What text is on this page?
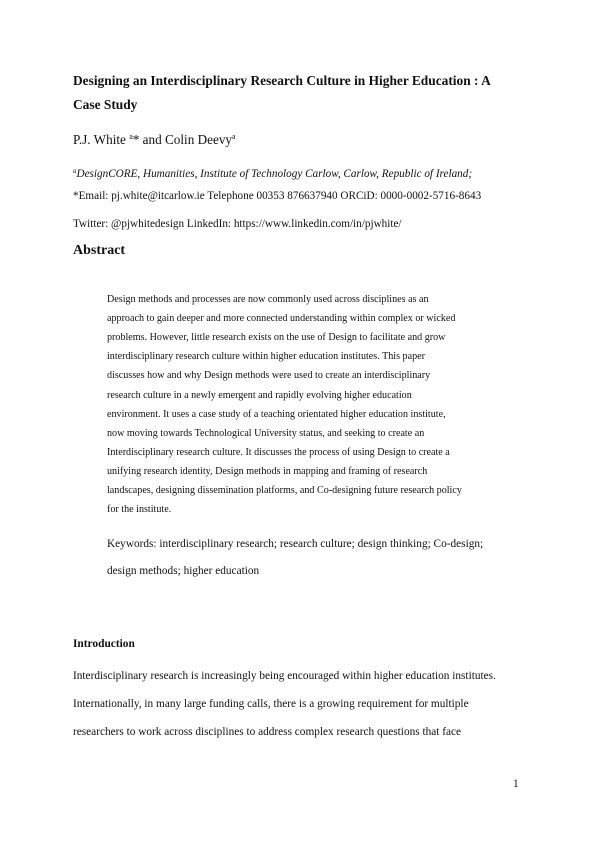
Designing an Interdisciplinary Research Culture in Higher Education : A
Case Study
P.J. White $^a$* and Colin Deevy$^a$
$^a$DesignCORE, Humanities, Institute of Technology Carlow, Carlow, Republic of Ireland;
*Email: pj.white@itcarlow.ie Telephone 00353 876637940 ORCiD: 0000-0002-5716-8643
Twitter: @pjwhitedesign LinkedIn: https://www.linkedin.com/in/pjwhite/
Abstract
Design methods and processes are now commonly used across disciplines as an
approach to gain deeper and more connected understanding within complex or wicked
problems. However, little research exists on the use of Design to facilitate and grow
interdisciplinary research culture within higher education institutes. This paper
discusses how and why Design methods were used to create an interdisciplinary
research culture in a newly emergent and rapidly evolving higher education
environment. It uses a case study of a teaching orientated higher education institute,
now moving towards Technological University status, and seeking to create an
Interdisciplinary research culture. It discusses the process of using Design to create a
unifying research identity, Design methods in mapping and framing of research
landscapes, designing dissemination platforms, and Co-designing future research policy
for the institute.
Keywords: interdisciplinary research; research culture; design thinking; Co-design;
design methods; higher education
Introduction
Interdisciplinary research is increasingly being encouraged within higher education institutes.
Internationally, in many large funding calls, there is a growing requirement for multiple
researchers to work across disciplines to address complex research questions that face
1
